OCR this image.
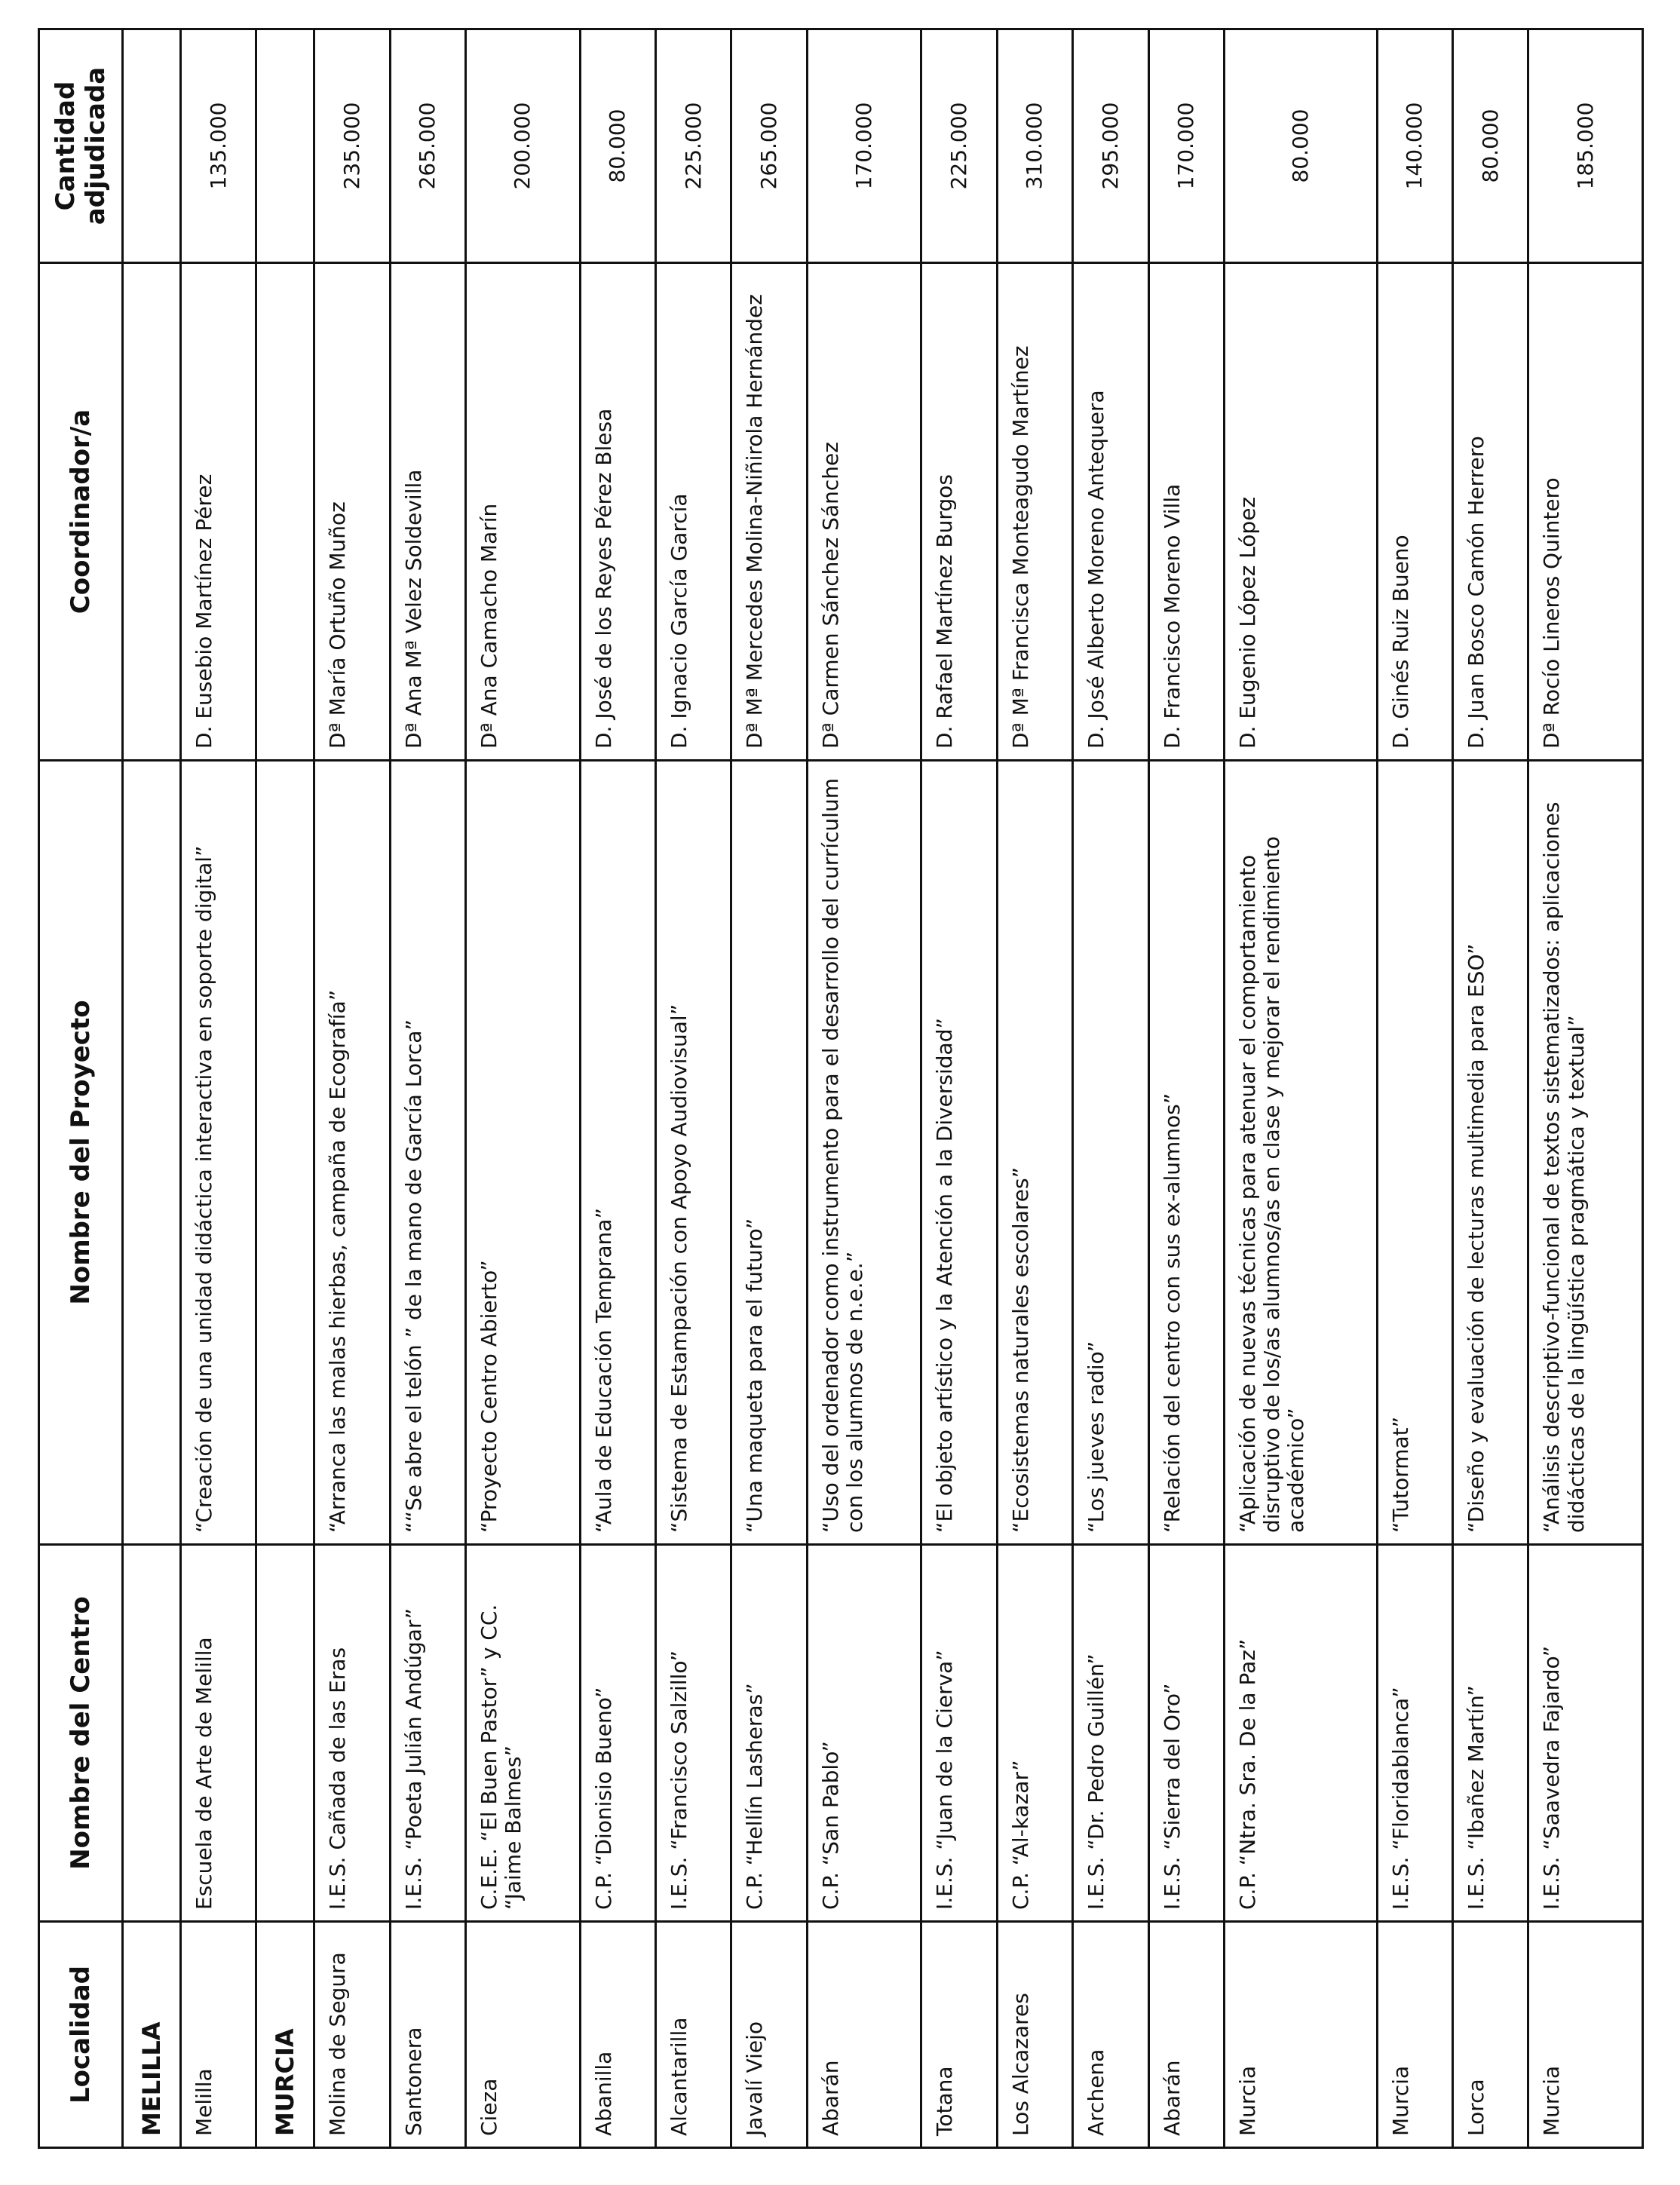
Localidad	Nombre del Centro	Nombre del Proyecto	Coordinador/a	Cantidad adjudicada
MELILLA				
Melilla	Escuela de Arte de Melilla	“Creación de una unidad didáctica interactiva en soporte digital”	D. Eusebio Martínez Pérez	135.000
MURCIA				
Molina de Segura	I.E.S. Cañada de las Eras	“Arranca las malas hierbas, campaña de Ecografía”	Dª María Ortuño Muñoz	235.000
Santonera	I.E.S. “Poeta Julián Andúgar”	““Se abre el telón ” de la mano de García Lorca”	Dª Ana Mª Velez Soldevilla	265.000
Cieza	C.E.E. “El Buen Pastor” y CC. “Jaime Balmes”	“Proyecto Centro Abierto”	Dª Ana Camacho Marín	200.000
Abanilla	C.P. “Dionisio Bueno”	“Aula de Educación Temprana”	D. José de los Reyes Pérez Blesa	80.000
Alcantarilla	I.E.S. “Francisco Salzillo”	“Sistema de Estampación con Apoyo Audiovisual”	D. Ignacio García García	225.000
Javalí Viejo	C.P. “Hellín Lasheras”	“Una maqueta para el futuro”	Dª Mª Mercedes Molina-Niñirola Hernández	265.000
Abarán	C.P. “San Pablo”	“Uso del ordenador como instrumento para el desarrollo del currículum con los alumnos de n.e.e.”	Dª Carmen Sánchez Sánchez	170.000
Totana	I.E.S. “Juan de la Cierva”	“El objeto artístico y la Atención a la Diversidad”	D. Rafael Martínez Burgos	225.000
Los Alcazares	C.P. “Al-kazar”	“Ecosistemas naturales escolares”	Dª Mª Francisca Monteagudo Martínez	310.000
Archena	I.E.S. “Dr. Pedro Guillén”	“Los jueves radio”	D. José Alberto Moreno Antequera	295.000
Abarán	I.E.S. “Sierra del Oro”	“Relación del centro con sus ex-alumnos”	D. Francisco Moreno Villa	170.000
Murcia	C.P. “Ntra. Sra. De la Paz”	“Aplicación de nuevas técnicas para atenuar el comportamiento disruptivo de los/as alumnos/as en clase y mejorar el rendimiento académico”	D. Eugenio López López	80.000
Murcia	I.E.S. “Floridablanca”	“Tutormat”	D. Ginés Ruiz Bueno	140.000
Lorca	I.E.S. “Ibañez Martín”	“Diseño y evaluación de lecturas multimedia para ESO”	D. Juan Bosco Camón Herrero	80.000
Murcia	I.E.S. “Saavedra Fajardo”	“Análisis descriptivo-funcional de textos sistematizados: aplicaciones didácticas de la lingüística pragmática y textual”	Dª Rocío Lineros Quintero	185.000
